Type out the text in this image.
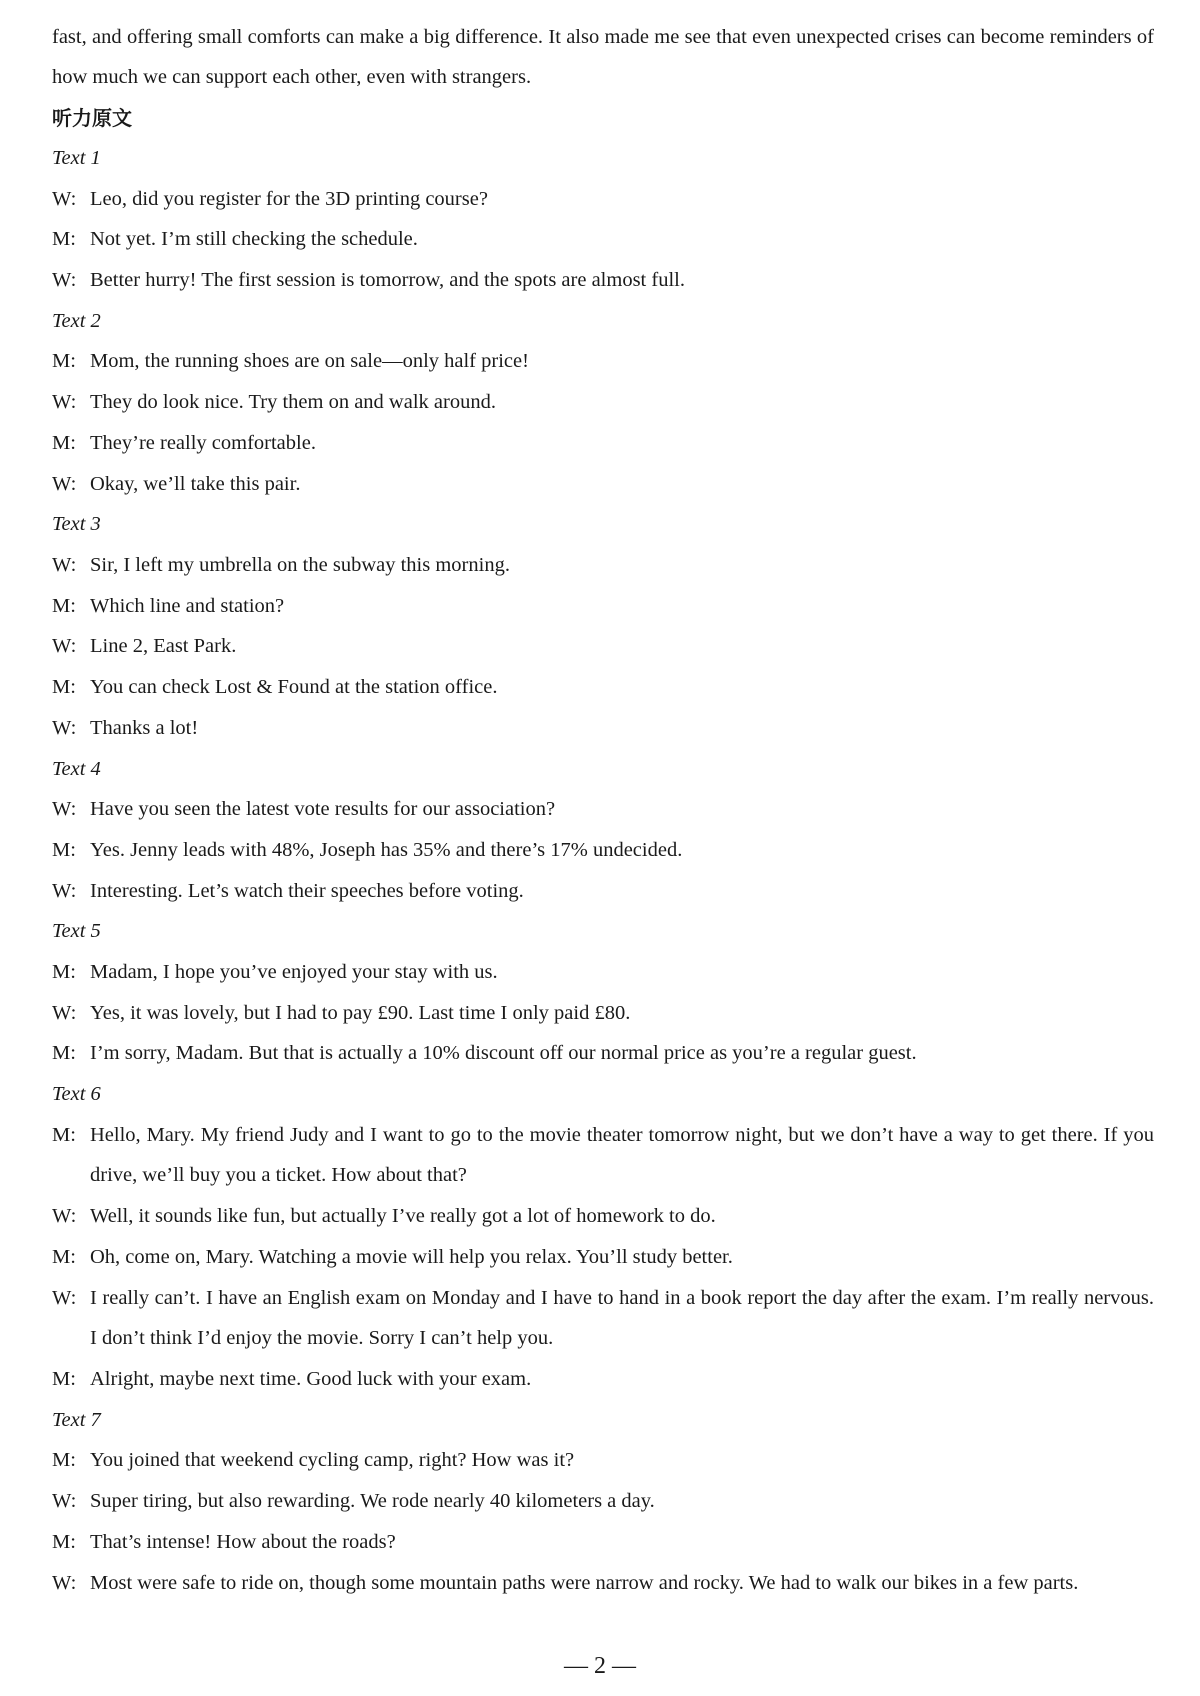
fast, and offering small comforts can make a big difference. It also made me see that even unexpected crises can become reminders of how much we can support each other, even with strangers.
听力原文
Text 1
W: Leo, did you register for the 3D printing course?
M: Not yet. I’m still checking the schedule.
W: Better hurry! The first session is tomorrow, and the spots are almost full.
Text 2
M: Mom, the running shoes are on sale—only half price!
W: They do look nice. Try them on and walk around.
M: They’re really comfortable.
W: Okay, we’ll take this pair.
Text 3
W: Sir, I left my umbrella on the subway this morning.
M: Which line and station?
W: Line 2, East Park.
M: You can check Lost & Found at the station office.
W: Thanks a lot!
Text 4
W: Have you seen the latest vote results for our association?
M: Yes. Jenny leads with 48%, Joseph has 35% and there’s 17% undecided.
W: Interesting. Let’s watch their speeches before voting.
Text 5
M: Madam, I hope you’ve enjoyed your stay with us.
W: Yes, it was lovely, but I had to pay £90. Last time I only paid £80.
M: I’m sorry, Madam. But that is actually a 10% discount off our normal price as you’re a regular guest.
Text 6
M: Hello, Mary. My friend Judy and I want to go to the movie theater tomorrow night, but we don’t have a way to get there. If you drive, we’ll buy you a ticket. How about that?
W: Well, it sounds like fun, but actually I’ve really got a lot of homework to do.
M: Oh, come on, Mary. Watching a movie will help you relax. You’ll study better.
W: I really can’t. I have an English exam on Monday and I have to hand in a book report the day after the exam. I’m really nervous. I don’t think I’d enjoy the movie. Sorry I can’t help you.
M: Alright, maybe next time. Good luck with your exam.
Text 7
M: You joined that weekend cycling camp, right? How was it?
W: Super tiring, but also rewarding. We rode nearly 40 kilometers a day.
M: That’s intense! How about the roads?
W: Most were safe to ride on, though some mountain paths were narrow and rocky. We had to walk our bikes in a few parts.
— 2 —
